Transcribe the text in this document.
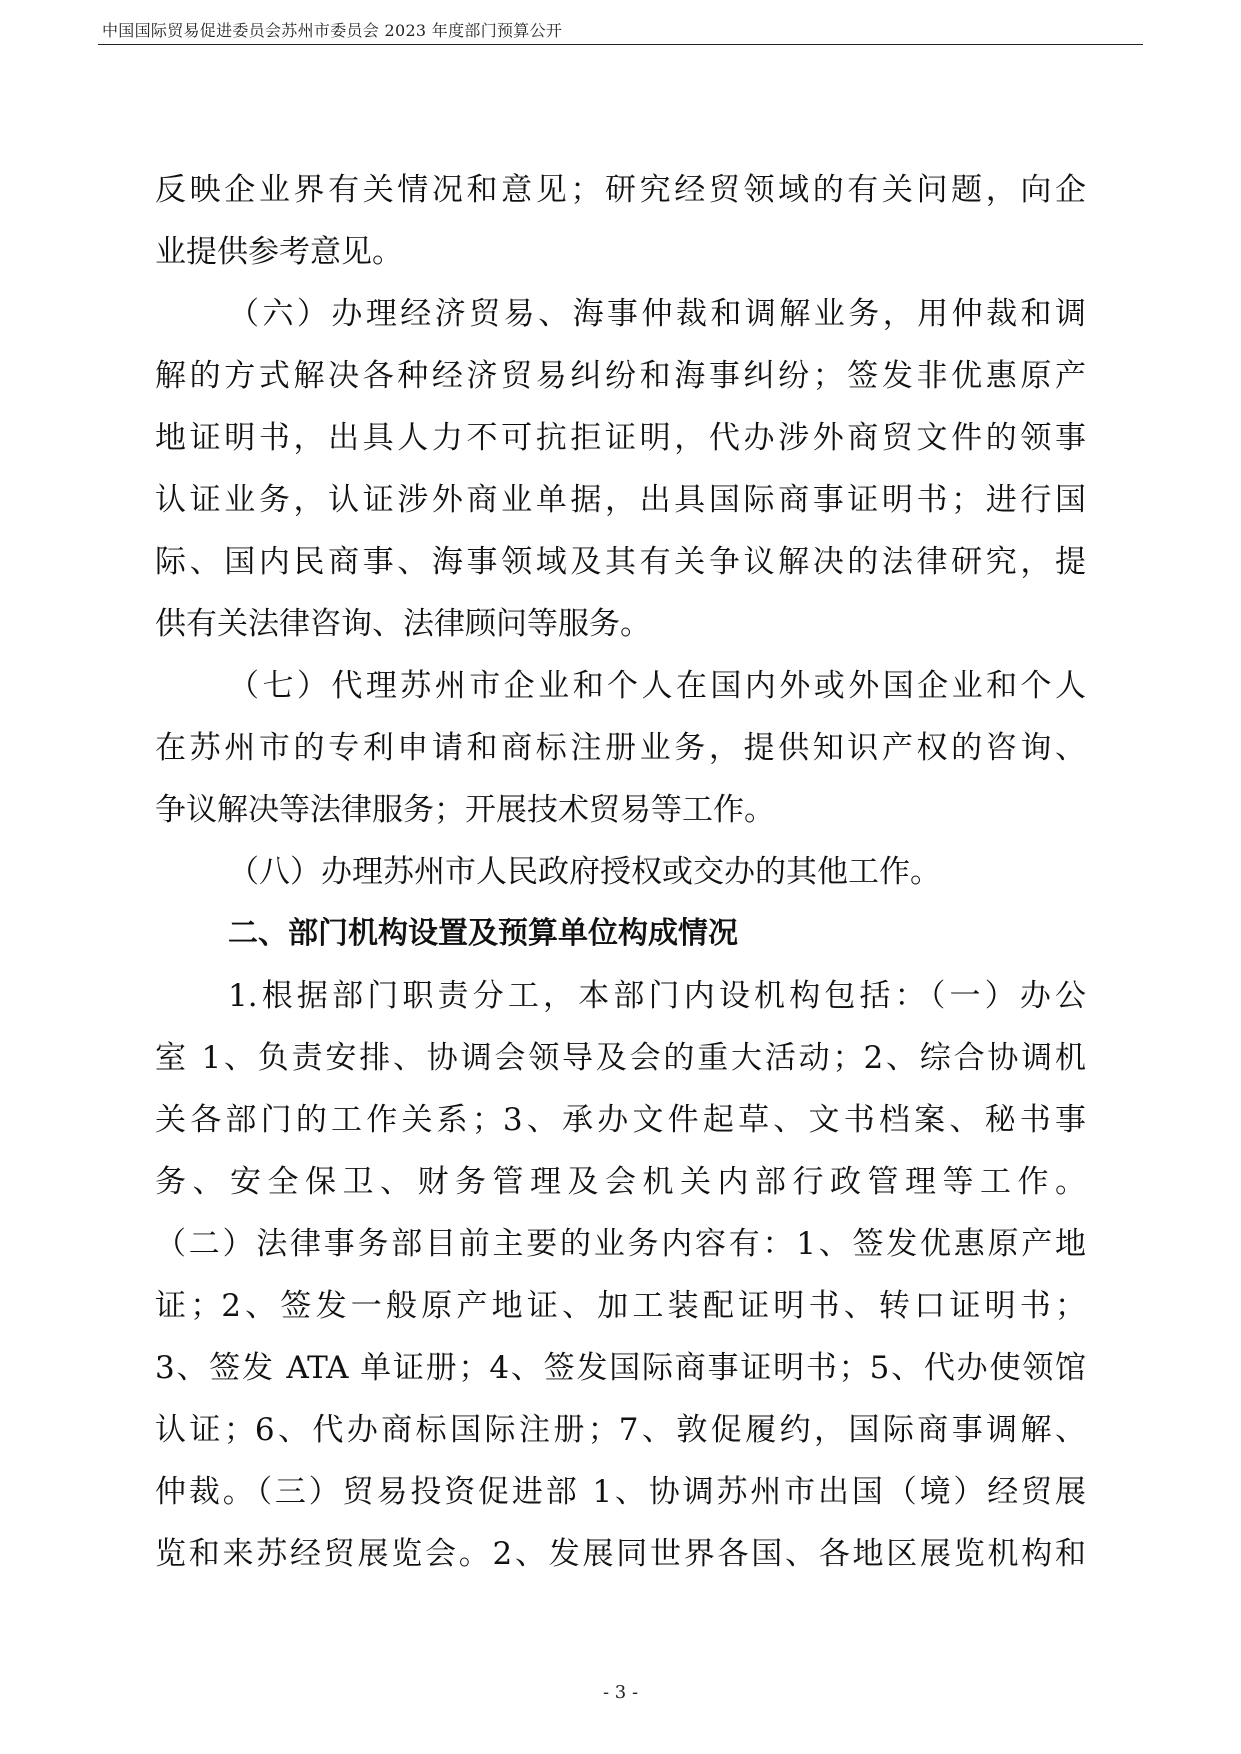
中国国际贸易促进委员会苏州市委员会 2023 年度部门预算公开
反映企业界有关情况和意见；研究经贸领域的有关问题，向企
业提供参考意见。
（六）办理经济贸易、海事仲裁和调解业务，用仲裁和调
解的方式解决各种经济贸易纠纷和海事纠纷；签发非优惠原产
地证明书，出具人力不可抗拒证明，代办涉外商贸文件的领事
认证业务，认证涉外商业单据，出具国际商事证明书；进行国
际、国内民商事、海事领域及其有关争议解决的法律研究，提
供有关法律咨询、法律顾问等服务。
（七）代理苏州市企业和个人在国内外或外国企业和个人
在苏州市的专利申请和商标注册业务，提供知识产权的咨询、
争议解决等法律服务；开展技术贸易等工作。
（八）办理苏州市人民政府授权或交办的其他工作。
二、部门机构设置及预算单位构成情况
1.根据部门职责分工，本部门内设机构包括：（一）办公
室 1、负责安排、协调会领导及会的重大活动；2、综合协调机
关各部门的工作关系；3、承办文件起草、文书档案、秘书事
务、安全保卫、财务管理及会机关内部行政管理等工作。
（二）法律事务部目前主要的业务内容有：1、签发优惠原产地
证；2、签发一般原产地证、加工装配证明书、转口证明书；
3、签发 ATA 单证册；4、签发国际商事证明书；5、代办使领馆
认证；6、代办商标国际注册；7、敦促履约，国际商事调解、
仲裁。（三）贸易投资促进部 1、协调苏州市出国（境）经贸展
览和来苏经贸展览会。2、发展同世界各国、各地区展览机构和
- 3 -
